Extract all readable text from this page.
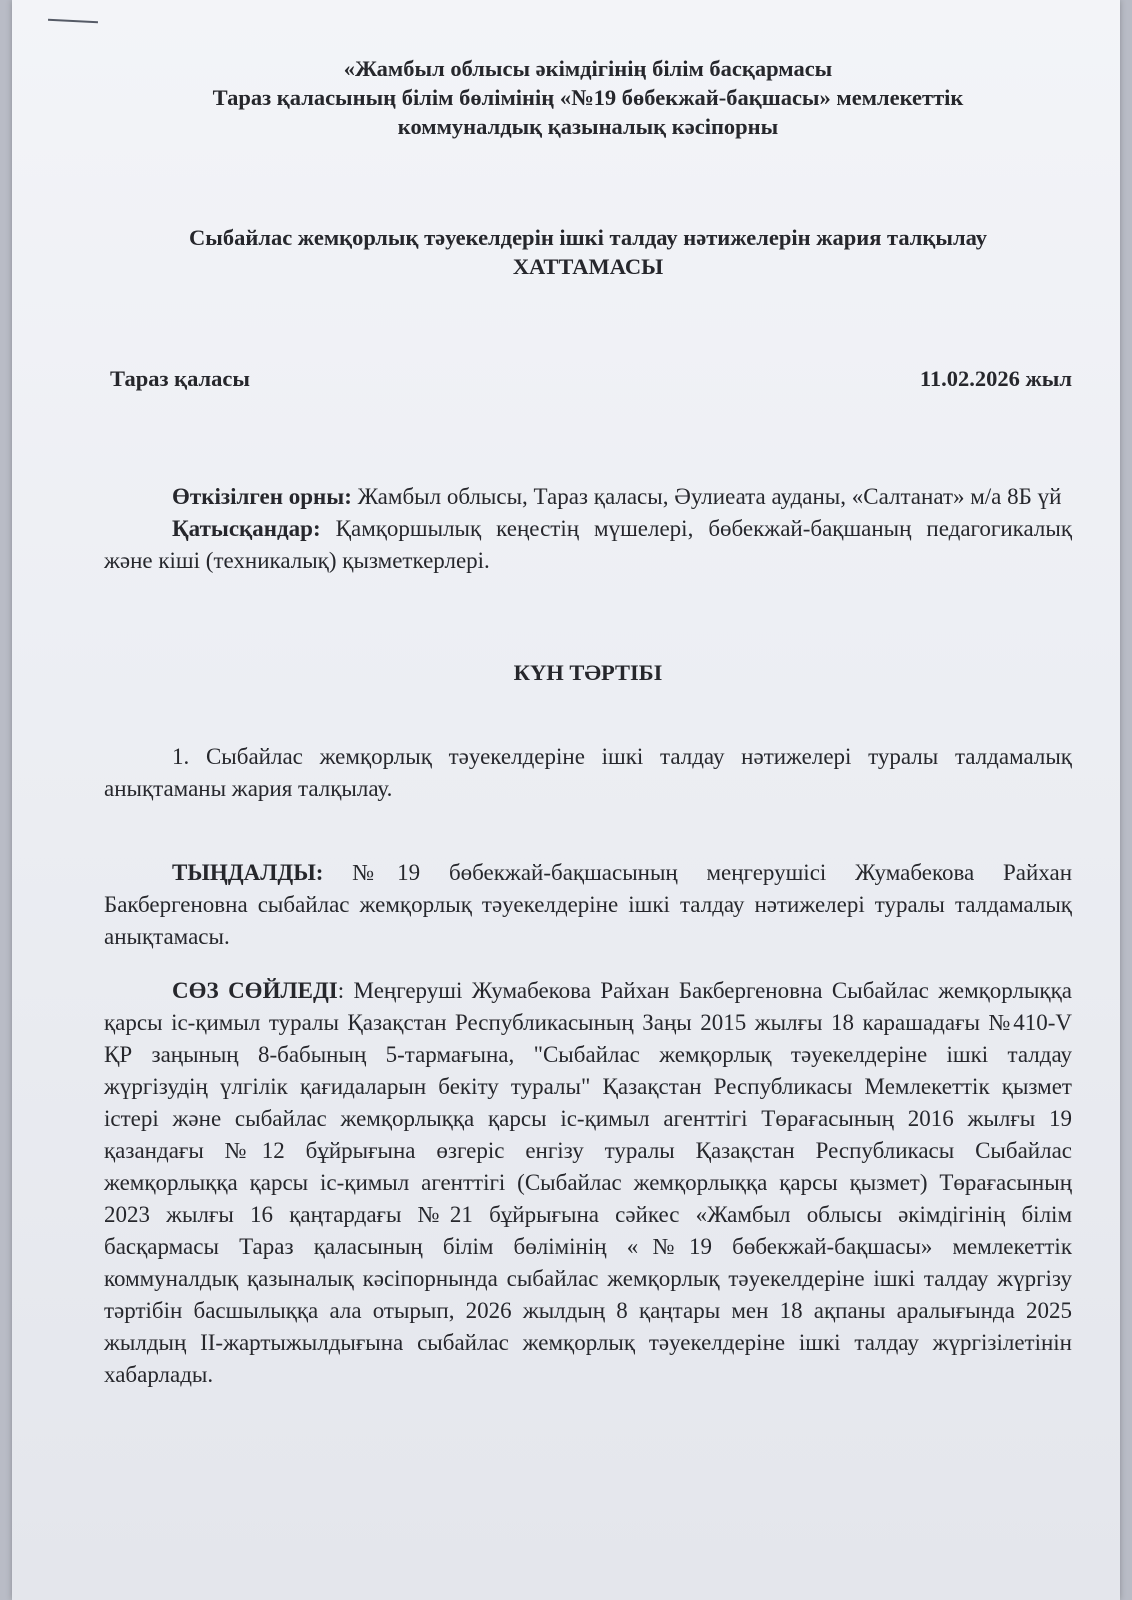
«Жамбыл облысы әкімдігінің білім басқармасы
Тараз қаласының білім бөлімінің «№19 бөбекжай-бақшасы» мемлекеттік
коммуналдық қазыналық кәсіпорны
Сыбайлас жемқорлық тәуекелдерін ішкі талдау нәтижелерін жария талқылау
ХАТТАМАСЫ
Тараз қаласы	11.02.2026 жыл

Өткізілген орны: Жамбыл облысы, Тараз қаласы, Әулиеата ауданы, «Салтанат» м/а 8Б үй

Қатысқандар: Қамқоршылық кеңестің мүшелері, бөбекжай-бақшаның педагогикалық және кіші (техникалық) қызметкерлері.

КҮН ТӘРТІБІ

1. Сыбайлас жемқорлық тәуекелдеріне ішкі талдау нәтижелері туралы талдамалық анықтаманы жария талқылау.

ТЫҢДАЛДЫ: №19 бөбекжай-бақшасының меңгерушісі Жумабекова Райхан Бакбергеновна сыбайлас жемқорлық тәуекелдеріне ішкі талдау нәтижелері туралы талдамалық анықтамасы.

СӨЗ СӨЙЛЕДІ: Меңгеруші Жумабекова Райхан Бакбергеновна Сыбайлас жемқорлыққа қарсы іс-қимыл туралы Қазақстан Республикасының Заңы 2015 жылғы 18 карашадағы №410-V ҚР заңының 8-бабының 5-тармағына, "Сыбайлас жемқорлық тәуекелдеріне ішкі талдау жүргізудің үлгілік қағидаларын бекіту туралы" Қазақстан Республикасы Мемлекеттік қызмет істері және сыбайлас жемқорлыққа қарсы іс-қимыл агенттігі Төрағасының 2016 жылғы 19 қазандағы №12 бұйрығына өзгеріс енгізу туралы Қазақстан Республикасы Сыбайлас жемқорлыққа қарсы іс-қимыл агенттігі (Сыбайлас жемқорлыққа қарсы қызмет) Төрағасының 2023 жылғы 16 қаңтардағы №21 бұйрығына сәйкес «Жамбыл облысы әкімдігінің білім басқармасы Тараз қаласының білім бөлімінің «№19 бөбекжай-бақшасы» мемлекеттік коммуналдық қазыналық кәсіпорнында сыбайлас жемқорлық тәуекелдеріне ішкі талдау жүргізу тәртібін басшылыққа ала отырып, 2026 жылдың 8 қаңтары мен 18 ақпаны аралығында 2025 жылдың ІІ-жартыжылдығына сыбайлас жемқорлық тәуекелдеріне ішкі талдау жүргізілетінін хабарлады.
